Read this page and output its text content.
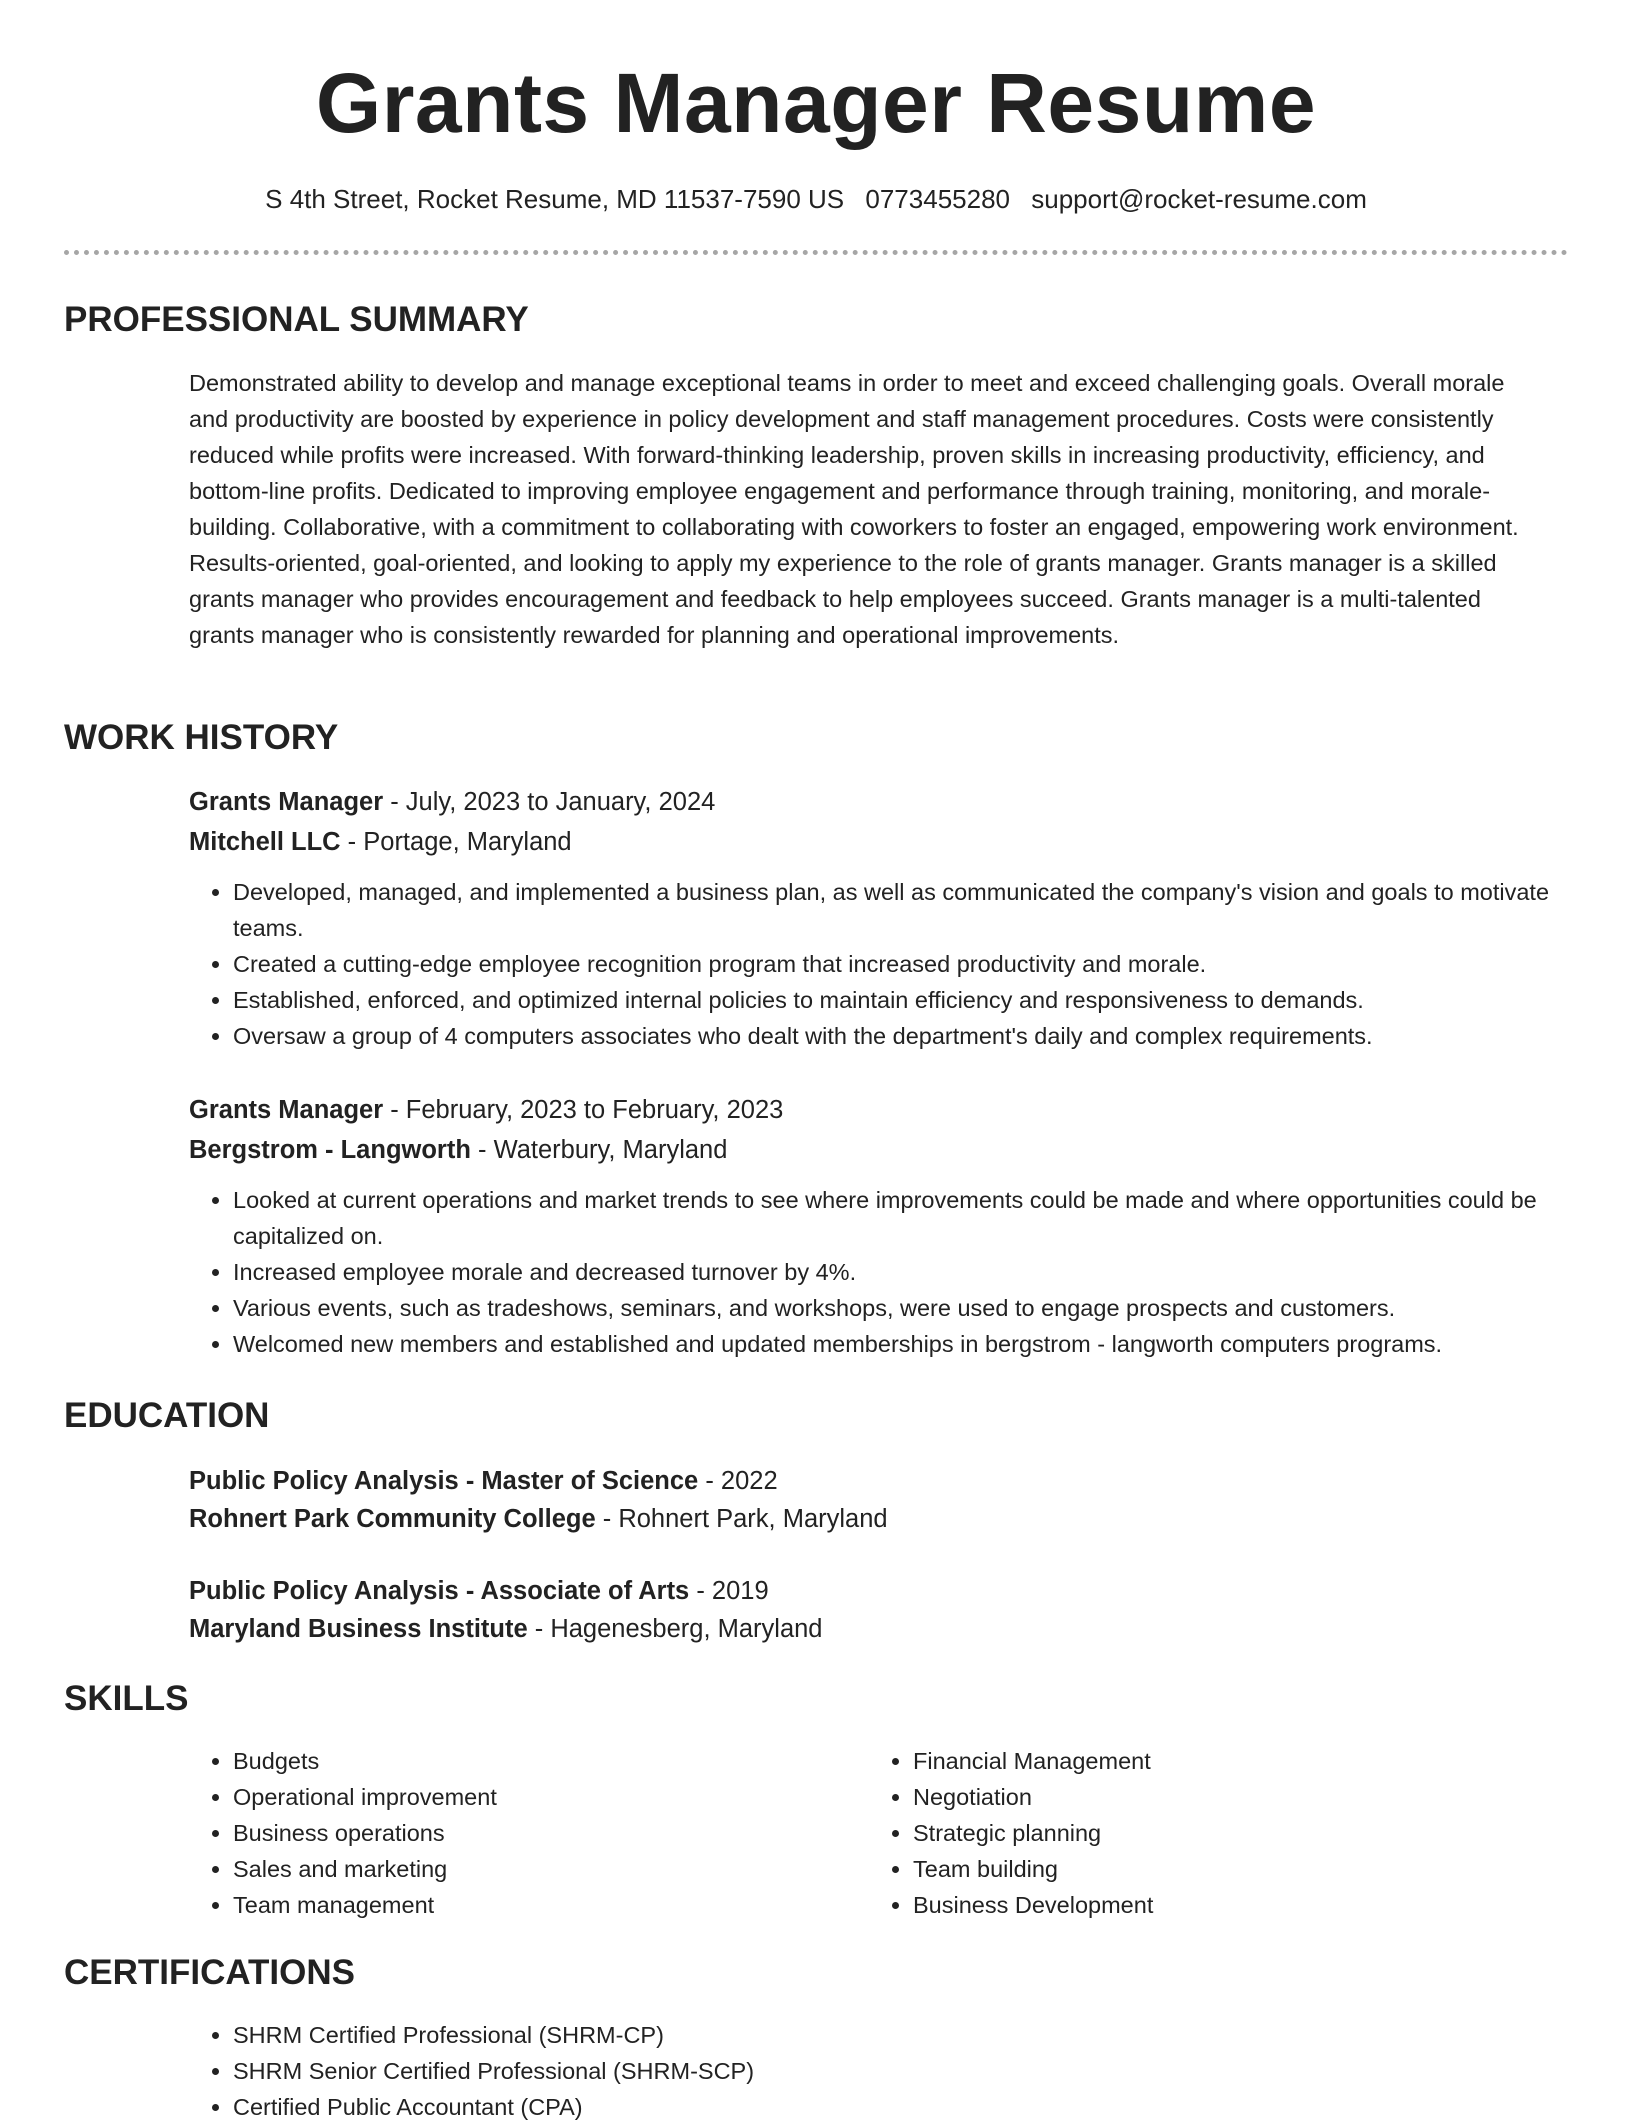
Grants Manager Resume
S 4th Street, Rocket Resume, MD 11537-7590 US 0773455280 support@rocket-resume.com
PROFESSIONAL SUMMARY

Demonstrated ability to develop and manage exceptional teams in order to meet and exceed challenging goals. Overall morale and productivity are boosted by experience in policy development and staff management procedures. Costs were consistently reduced while profits were increased. With forward-thinking leadership, proven skills in increasing productivity, efficiency, and bottom-line profits. Dedicated to improving employee engagement and performance through training, monitoring, and morale-building. Collaborative, with a commitment to collaborating with coworkers to foster an engaged, empowering work environment. Results-oriented, goal-oriented, and looking to apply my experience to the role of grants manager. Grants manager is a skilled grants manager who provides encouragement and feedback to help employees succeed. Grants manager is a multi-talented grants manager who is consistently rewarded for planning and operational improvements.

WORK HISTORY
Grants Manager - July, 2023 to January, 2024
Mitchell LLC - Portage, Maryland
• Developed, managed, and implemented a business plan, as well as communicated the company's vision and goals to motivate teams.
• Created a cutting-edge employee recognition program that increased productivity and morale.
• Established, enforced, and optimized internal policies to maintain efficiency and responsiveness to demands.
• Oversaw a group of 4 computers associates who dealt with the department's daily and complex requirements.
Grants Manager - February, 2023 to February, 2023
Bergstrom - Langworth - Waterbury, Maryland
• Looked at current operations and market trends to see where improvements could be made and where opportunities could be capitalized on.
• Increased employee morale and decreased turnover by 4%.
• Various events, such as tradeshows, seminars, and workshops, were used to engage prospects and customers.
• Welcomed new members and established and updated memberships in bergstrom - langworth computers programs.
EDUCATION
Public Policy Analysis - Master of Science - 2022
Rohnert Park Community College - Rohnert Park, Maryland
Public Policy Analysis - Associate of Arts - 2019
Maryland Business Institute - Hagenesberg, Maryland
SKILLS
• Budgets
• Operational improvement
• Business operations
• Sales and marketing
• Team management
• Financial Management
• Negotiation
• Strategic planning
• Team building
• Business Development
CERTIFICATIONS
• SHRM Certified Professional (SHRM-CP)
• SHRM Senior Certified Professional (SHRM-SCP)
• Certified Public Accountant (CPA)
